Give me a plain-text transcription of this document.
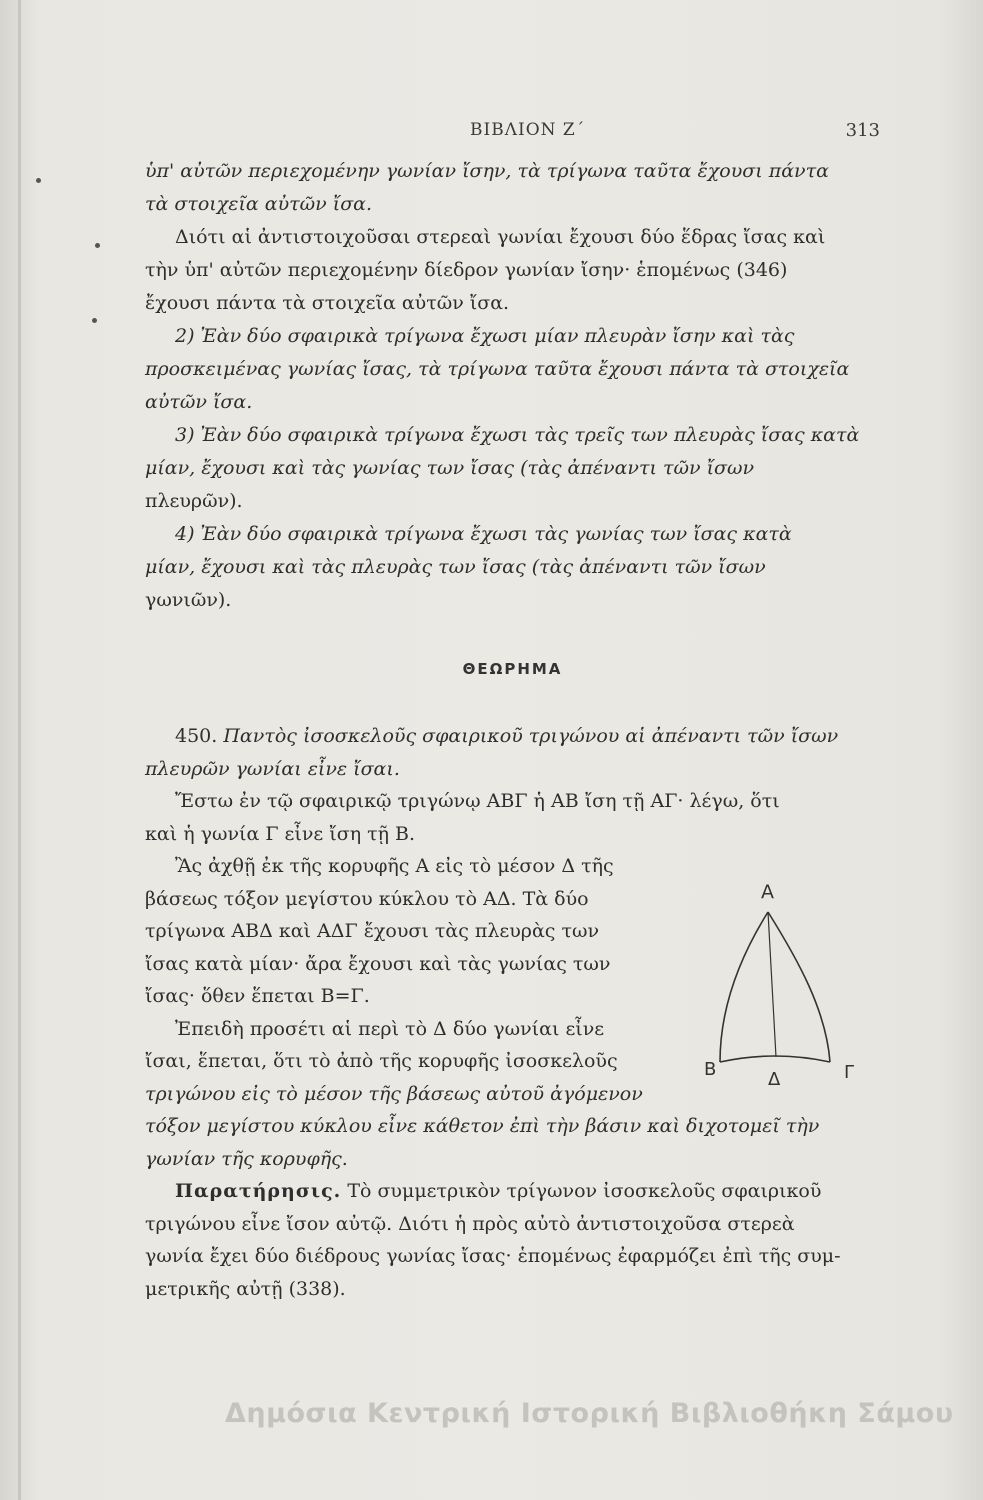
ΒΙΒΛΙΟΝ Ζ΄	313
ὑπ' αὐτῶν περιεχομένην γωνίαν ἴσην, τὰ τρίγωνα ταῦτα ἔχουσι πάντα
τὰ στοιχεῖα αὐτῶν ἴσα.
Διότι αἱ ἀντιστοιχοῦσαι στερεαὶ γωνίαι ἔχουσι δύο ἕδρας ἴσας καὶ
τὴν ὑπ' αὐτῶν περιεχομένην δίεδρον γωνίαν ἴσην· ἑπομένως (346)
ἔχουσι πάντα τὰ στοιχεῖα αὐτῶν ἴσα.
2) Ἐὰν δύο σφαιρικὰ τρίγωνα ἔχωσι μίαν πλευρὰν ἴσην καὶ τὰς
προσκειμένας γωνίας ἴσας, τὰ τρίγωνα ταῦτα ἔχουσι πάντα τὰ στοιχεῖα
αὐτῶν ἴσα.
3) Ἐὰν δύο σφαιρικὰ τρίγωνα ἔχωσι τὰς τρεῖς των πλευρὰς ἴσας κατὰ
μίαν, ἔχουσι καὶ τὰς γωνίας των ἴσας (τὰς ἀπέναντι τῶν ἴσων
πλευρῶν).
4) Ἐὰν δύο σφαιρικὰ τρίγωνα ἔχωσι τὰς γωνίας των ἴσας κατὰ
μίαν, ἔχουσι καὶ τὰς πλευρὰς των ἴσας (τὰς ἀπέναντι τῶν ἴσων
γωνιῶν).
ΘΕΩΡΗΜΑ
450. Παντὸς ἰσοσκελοῦς σφαιρικοῦ τριγώνου αἱ ἀπέναντι τῶν ἴσων
πλευρῶν γωνίαι εἶνε ἴσαι.
Ἔστω ἐν τῷ σφαιρικῷ τριγώνῳ ΑΒΓ ἡ ΑΒ ἴση τῇ ΑΓ· λέγω, ὅτι
καὶ ἡ γωνία Γ εἶνε ἴση τῇ Β.
Ἂς ἀχθῇ ἐκ τῆς κορυφῆς Α εἰς τὸ μέσον Δ τῆς
βάσεως τόξον μεγίστου κύκλου τὸ ΑΔ. Τὰ δύο
τρίγωνα ΑΒΔ καὶ ΑΔΓ ἔχουσι τὰς πλευρὰς των
ἴσας κατὰ μίαν· ἄρα ἔχουσι καὶ τὰς γωνίας των
ἴσας· ὅθεν ἕπεται Β=Γ.
Ἐπειδὴ προσέτι αἱ περὶ τὸ Δ δύο γωνίαι εἶνε
ἴσαι, ἕπεται, ὅτι τὸ ἀπὸ τῆς κορυφῆς ἰσοσκελοῦς
τριγώνου εἰς τὸ μέσον τῆς βάσεως αὐτοῦ ἀγόμενον
τόξον μεγίστου κύκλου εἶνε κάθετον ἐπὶ τὴν βάσιν καὶ διχοτομεῖ τὴν
γωνίαν τῆς κορυφῆς.
Παρατήρησις. Τὸ συμμετρικὸν τρίγωνον ἰσοσκελοῦς σφαιρικοῦ
τριγώνου εἶνε ἴσον αὐτῷ. Διότι ἡ πρὸς αὐτὸ ἀντιστοιχοῦσα στερεὰ
γωνία ἔχει δύο διέδρους γωνίας ἴσας· ἑπομένως ἐφαρμόζει ἐπὶ τῆς συμ-
μετρικῆς αὐτῇ (338).
Α
Β	Δ	Γ
Δημόσια Κεντρική Ιστορική Βιβλιοθήκη Σάμου
